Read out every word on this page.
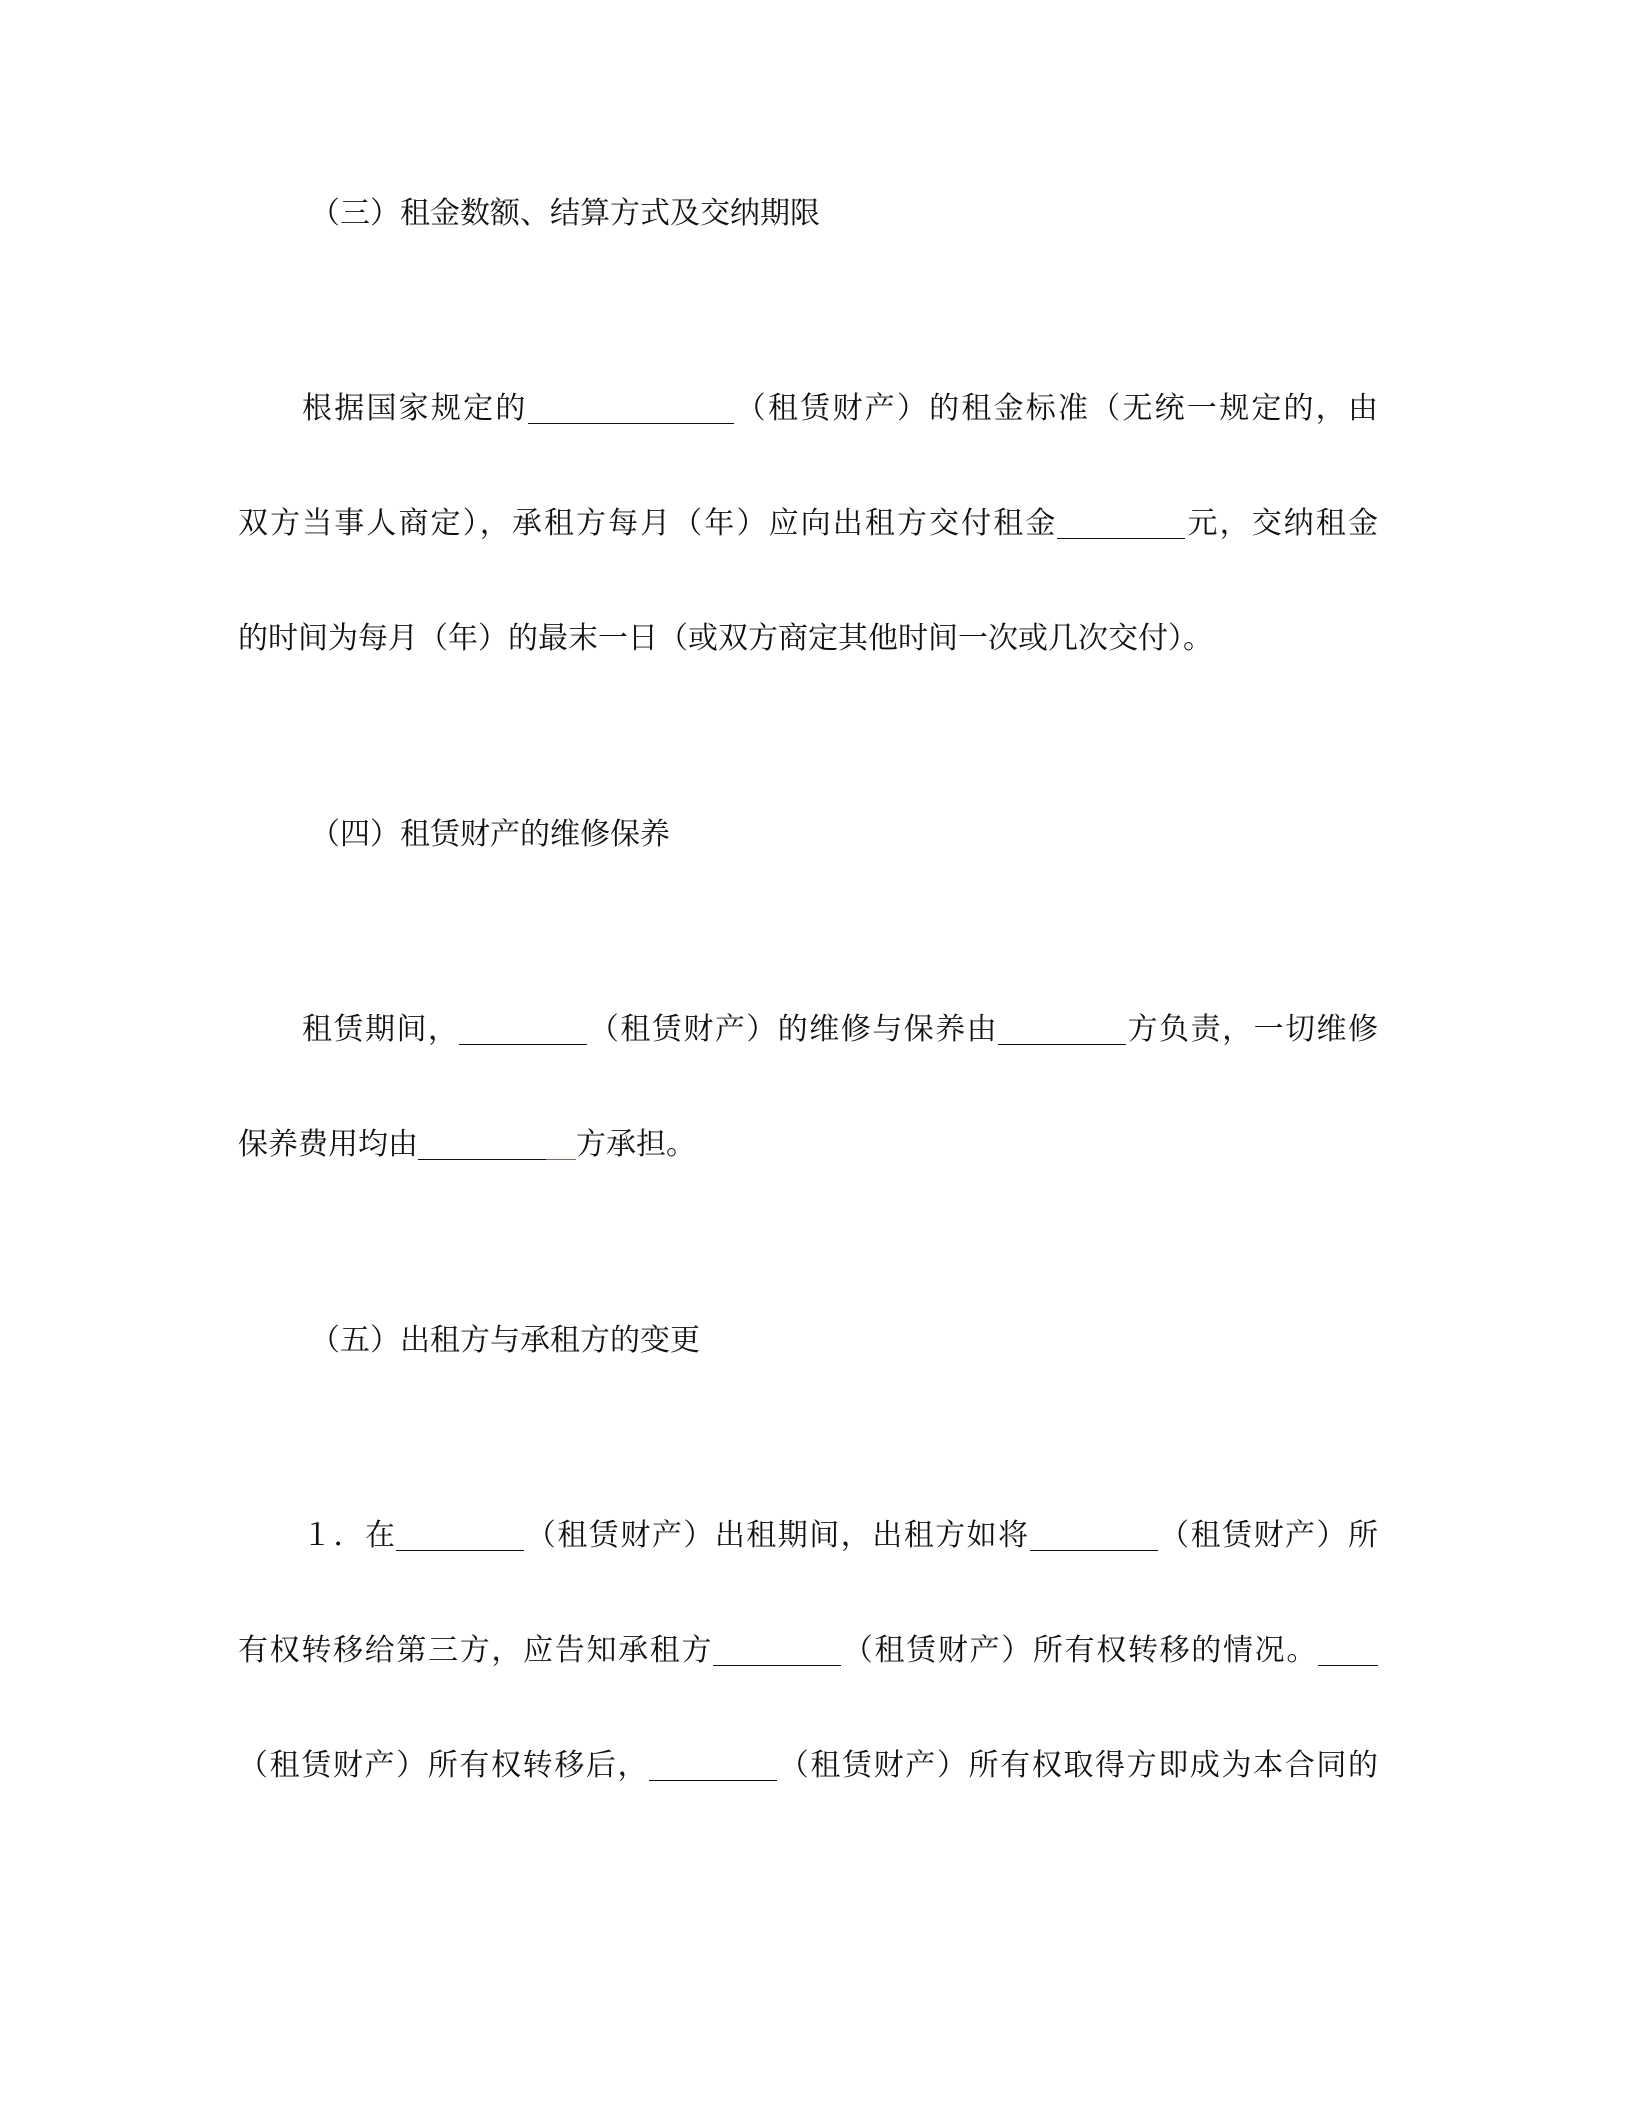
（三）租金数额、结算方式及交纳期限
根据国家规定的	（租赁财产）的租金标准（无统一规定的，由
双方当事人商定），承租方每月（年）应向出租方交付租金	元，交纳租金
的时间为每月（年）的最末一日（或双方商定其他时间一次或几次交付）。
（四）租赁财产的维修保养
租赁期间，	（租赁财产）的维修与保养由	方负责，一切维修
保养费用均由	方承担。
（五）出租方与承租方的变更
１．在	（租赁财产）出租期间，出租方如将	（租赁财产）所
有权转移给第三方，应告知承租方	（租赁财产）所有权转移的情况。
（租赁财产）所有权转移后，	（租赁财产）所有权取得方即成为本合同的
